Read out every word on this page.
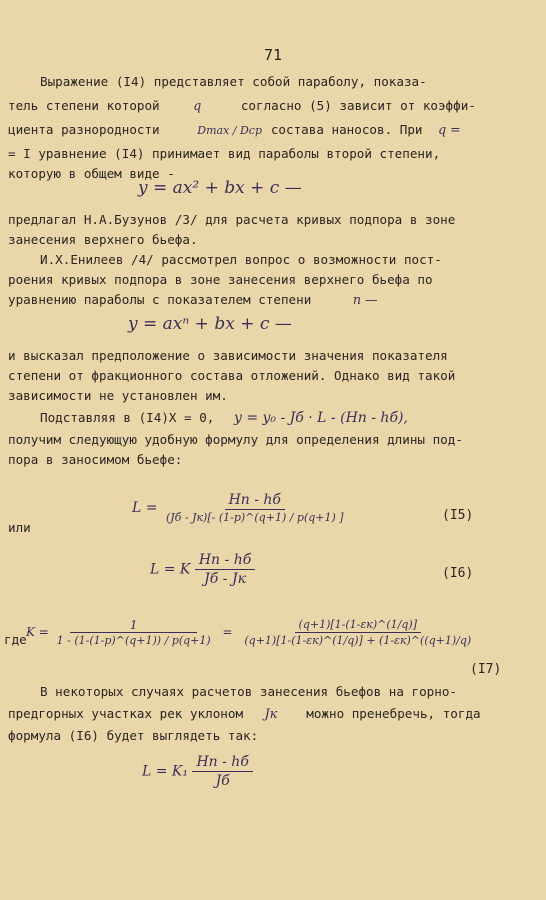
71
Выражение (I4) представляет собой параболу, показа-
тель степени которой	q	согласно (5) зависит от коэффи-
циента разнородности	Dmax / Dcp состава наносов. При q =
= I уравнение (I4) принимает вид параболы второй степени,
которую в общем виде -
y = ax² + bx + c —
предлагал Н.А.Бузунов /3/ для расчета кривых подпора в зоне
занесения верхнего бьефа.
И.Х.Енилеев /4/ рассмотрел вопрос о возможности пост-
роения кривых подпора в зоне занесения верхнего бьефа по
уравнению параболы с показателем степени	n —
y = axⁿ + bx + c —
и высказал предположение о зависимости значения показателя
степени от фракционного состава отложений. Однако вид такой
зависимости не установлен им.
Подставляя в (I4)X = 0, y = y₀ - Jб · L - (Hп - hб),
получим следующую удобную формулу для определения длины под-
пора в заносимом бьефе:
$L = \frac{Hп - hб}{(Jб - Jк)[- (1-p)\^{}(q+1) / p(q+1) ]}$
или
(I5)
L = K $\frac{Hп - hб}{Jб - Jк}$	(I6)
где $K = \frac{1}{1 - (1-(1-p)\^{}(q+1)) / p(q+1)} = \frac{(q+1)[1-(1-\varepsilon к)\^{}(1/q)]}{(q+1)[1-(1-\varepsilon к)\^{}(1/q)] + (1-\varepsilon к)\^{}((q+1)/q)}$
(I7)
В некоторых случаях расчетов занесения бьефов на горно-
предгорных участках рек уклоном Jк можно пренебречь, тогда
формула (I6) будет выглядеть так:
$L = K_1 \frac{Hп - hб}{Jб}$
